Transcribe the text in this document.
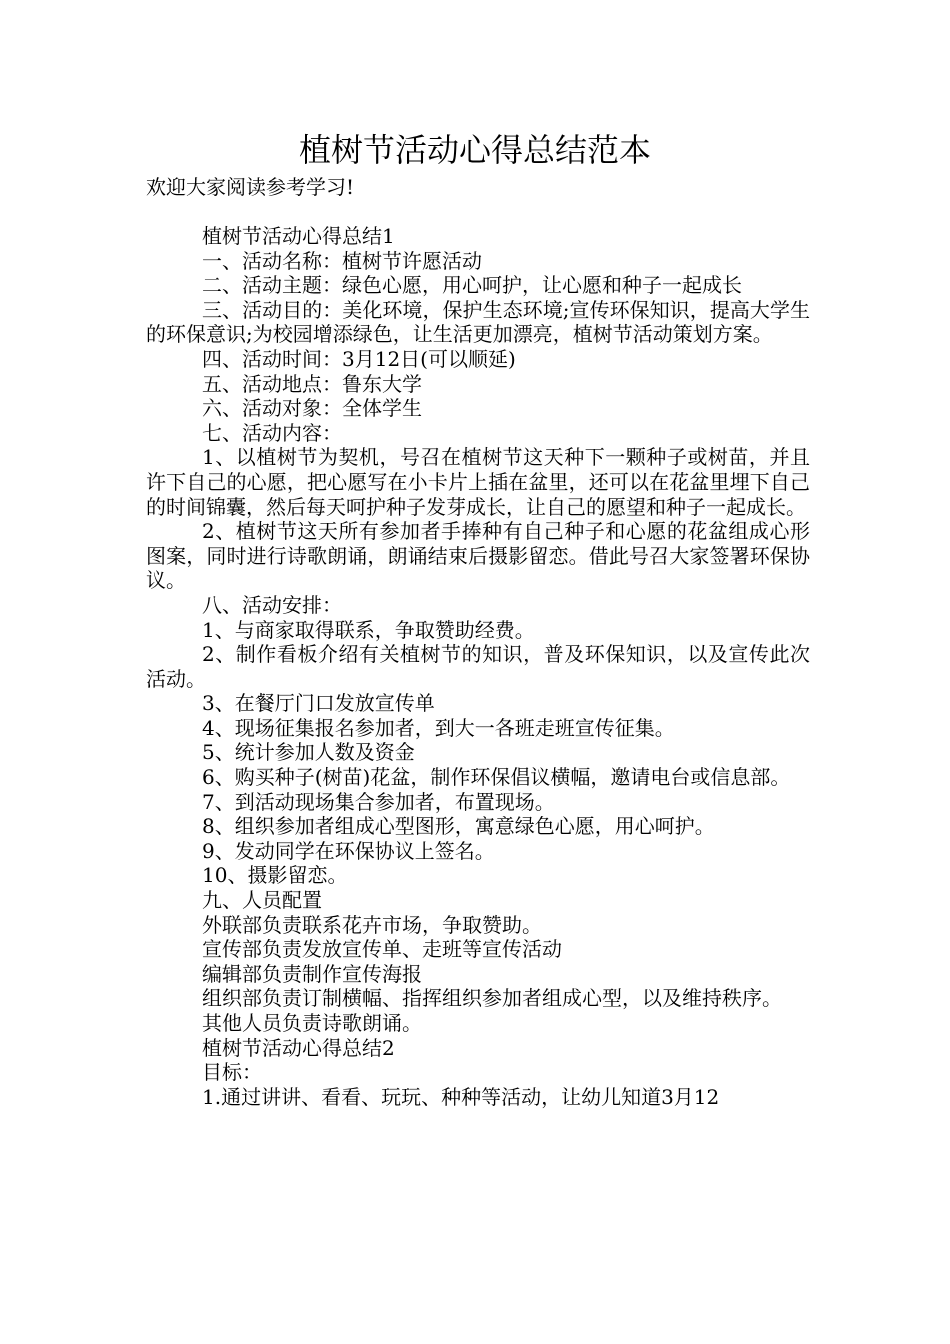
植树节活动心得总结范本

欢迎大家阅读参考学习!

植树节活动心得总结1

一、活动名称：植树节许愿活动

二、活动主题：绿色心愿，用心呵护，让心愿和种子一起成长

三、活动目的：美化环境，保护生态环境;宣传环保知识，提高大学生的环保意识;为校园增添绿色，让生活更加漂亮，植树节活动策划方案。

四、活动时间：3月12日(可以顺延)

五、活动地点：鲁东大学

六、活动对象：全体学生

七、活动内容：

1、以植树节为契机，号召在植树节这天种下一颗种子或树苗，并且许下自己的心愿，把心愿写在小卡片上插在盆里，还可以在花盆里埋下自己的时间锦囊，然后每天呵护种子发芽成长，让自己的愿望和种子一起成长。

2、植树节这天所有参加者手捧种有自己种子和心愿的花盆组成心形图案，同时进行诗歌朗诵，朗诵结束后摄影留恋。借此号召大家签署环保协议。

八、活动安排：

1、与商家取得联系，争取赞助经费。

2、制作看板介绍有关植树节的知识，普及环保知识，以及宣传此次活动。

3、在餐厅门口发放宣传单

4、现场征集报名参加者，到大一各班走班宣传征集。

5、统计参加人数及资金

6、购买种子(树苗)花盆，制作环保倡议横幅，邀请电台或信息部。

7、到活动现场集合参加者，布置现场。

8、组织参加者组成心型图形，寓意绿色心愿，用心呵护。

9、发动同学在环保协议上签名。

10、摄影留恋。

九、人员配置

外联部负责联系花卉市场，争取赞助。

宣传部负责发放宣传单、走班等宣传活动

编辑部负责制作宣传海报

组织部负责订制横幅、指挥组织参加者组成心型，以及维持秩序。

其他人员负责诗歌朗诵。

植树节活动心得总结2

目标：

1.通过讲讲、看看、玩玩、种种等活动，让幼儿知道3月12
